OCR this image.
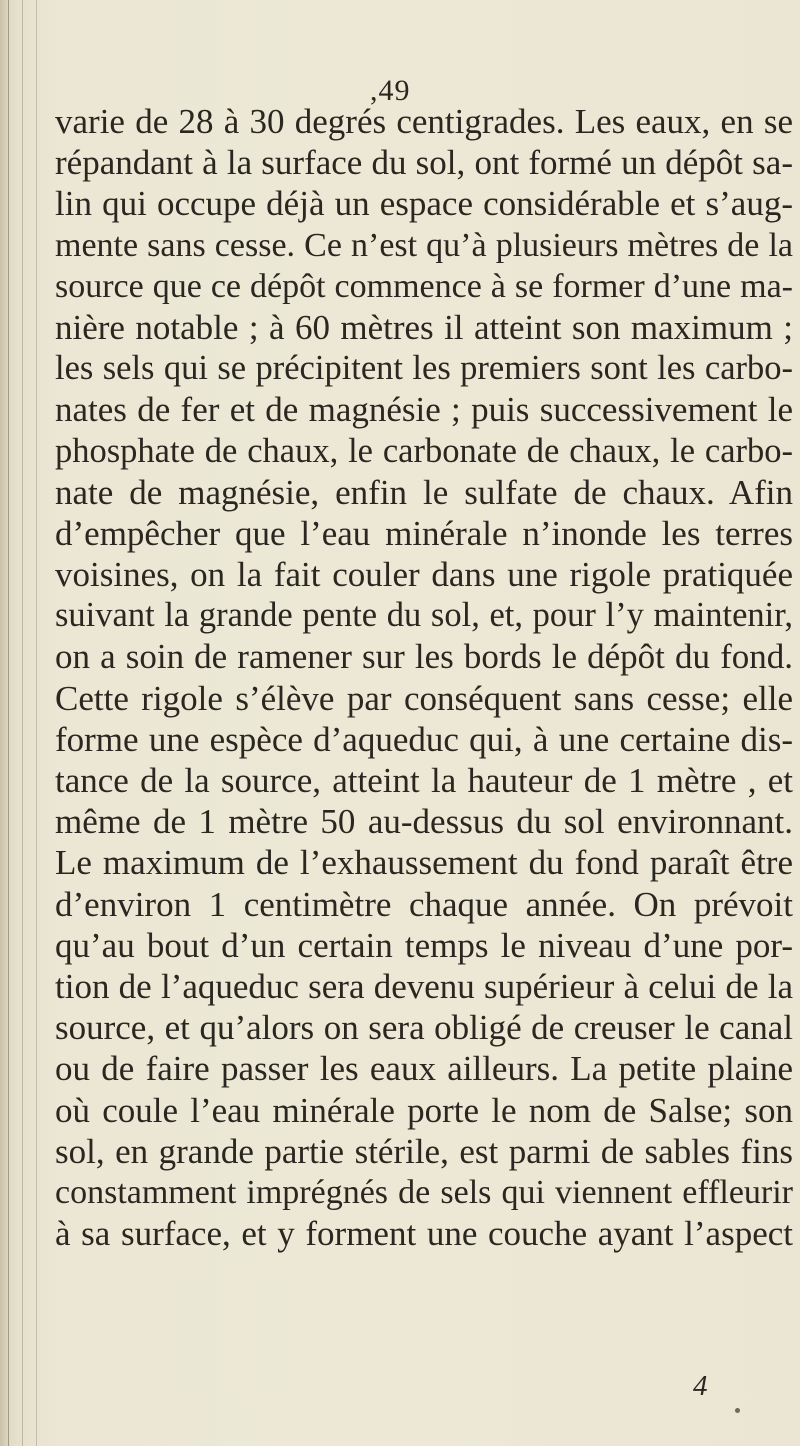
,49
varie de 28 à 30 degrés centigrades. Les eaux, en se
répandant à la surface du sol, ont formé un dépôt sa-
lin qui occupe déjà un espace considérable et s’aug-
mente sans cesse. Ce n’est qu’à plusieurs mètres de la
source que ce dépôt commence à se former d’une ma-
nière notable ; à 60 mètres il atteint son maximum ;
les sels qui se précipitent les premiers sont les carbo-
nates de fer et de magnésie ; puis successivement le
phosphate de chaux, le carbonate de chaux, le carbo-
nate de magnésie, enfin le sulfate de chaux. Afin
d’empêcher que l’eau minérale n’inonde les terres
voisines, on la fait couler dans une rigole pratiquée
suivant la grande pente du sol, et, pour l’y maintenir,
on a soin de ramener sur les bords le dépôt du fond.
Cette rigole s’élève par conséquent sans cesse; elle
forme une espèce d’aqueduc qui, à une certaine dis-
tance de la source, atteint la hauteur de 1 mètre , et
même de 1 mètre 50 au-dessus du sol environnant.
Le maximum de l’exhaussement du fond paraît être
d’environ 1 centimètre chaque année. On prévoit
qu’au bout d’un certain temps le niveau d’une por-
tion de l’aqueduc sera devenu supérieur à celui de la
source, et qu’alors on sera obligé de creuser le canal
ou de faire passer les eaux ailleurs. La petite plaine
où coule l’eau minérale porte le nom de Salse; son
sol, en grande partie stérile, est parmi de sables fins
constamment imprégnés de sels qui viennent effleurir
à sa surface, et y forment une couche ayant l’aspect
4
